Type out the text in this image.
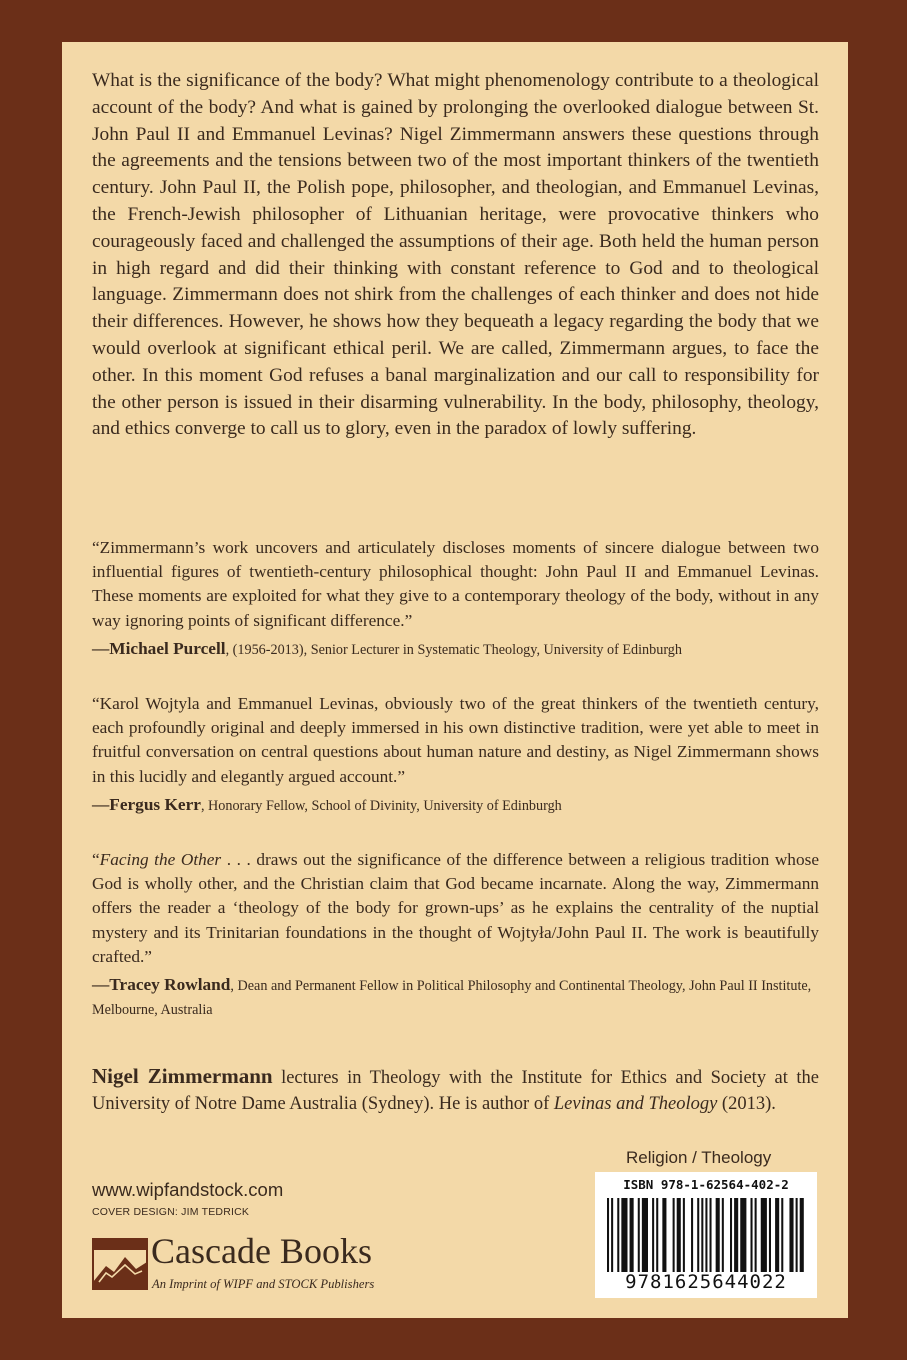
What is the significance of the body? What might phenomenology contribute to a theological account of the body? And what is gained by prolonging the overlooked dialogue between St. John Paul II and Emmanuel Levinas? Nigel Zimmermann answers these questions through the agreements and the tensions between two of the most important thinkers of the twentieth century. John Paul II, the Polish pope, philosopher, and theologian, and Emmanuel Levinas, the French-Jewish philosopher of Lithuanian heritage, were provocative thinkers who courageously faced and challenged the assumptions of their age. Both held the human person in high regard and did their thinking with constant reference to God and to theological language. Zimmermann does not shirk from the challenges of each thinker and does not hide their differences. However, he shows how they bequeath a legacy regarding the body that we would overlook at significant ethical peril. We are called, Zimmermann argues, to face the other. In this moment God refuses a banal marginalization and our call to responsibility for the other person is issued in their disarming vulnerability. In the body, philosophy, theology, and ethics converge to call us to glory, even in the paradox of lowly suffering.

“Zimmermann’s work uncovers and articulately discloses moments of sincere dialogue between two influential figures of twentieth-century philosophical thought: John Paul II and Emmanuel Levinas. These moments are exploited for what they give to a contemporary theology of the body, without in any way ignoring points of significant difference.”
—Michael Purcell, (1956-2013), Senior Lecturer in Systematic Theology, University of Edinburgh
“Karol Wojtyla and Emmanuel Levinas, obviously two of the great thinkers of the twentieth century, each profoundly original and deeply immersed in his own distinctive tradition, were yet able to meet in fruitful conversation on central questions about human nature and destiny, as Nigel Zimmermann shows in this lucidly and elegantly argued account.”
—Fergus Kerr, Honorary Fellow, School of Divinity, University of Edinburgh
“Facing the Other . . . draws out the significance of the difference between a religious tradition whose God is wholly other, and the Christian claim that God became incarnate. Along the way, Zimmermann offers the reader a ‘theology of the body for grown-ups’ as he explains the centrality of the nuptial mystery and its Trinitarian foundations in the thought of Wojtyła/John Paul II. The work is beautifully crafted.”
—Tracey Rowland, Dean and Permanent Fellow in Political Philosophy and Continental Theology, John Paul II Institute, Melbourne, Australia
Nigel Zimmermann lectures in Theology with the Institute for Ethics and Society at the University of Notre Dame Australia (Sydney). He is author of Levinas and Theology (2013).
Religion / Theology
www.wipfandstock.com
COVER DESIGN: JIM TEDRICK
Cascade Books
An Imprint of WIPF and STOCK Publishers
ISBN 978-1-62564-402-2
9781625644022
